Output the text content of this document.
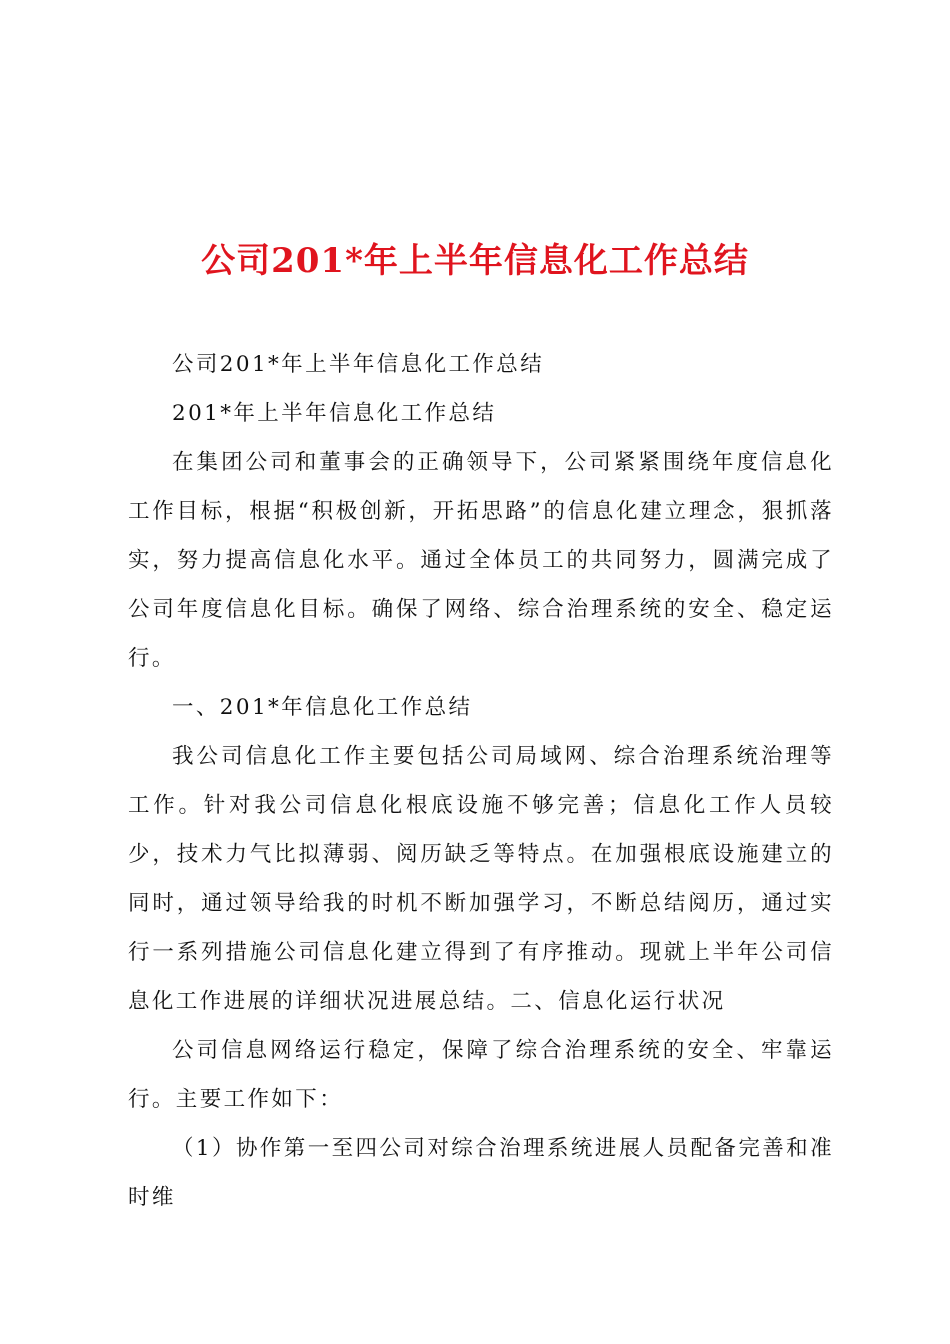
公司201*年上半年信息化工作总结

公司201*年上半年信息化工作总结

201*年上半年信息化工作总结

在集团公司和董事会的正确领导下，公司紧紧围绕年度信息化工作目标，根据“积极创新，开拓思路”的信息化建立理念，狠抓落实，努力提高信息化水平。通过全体员工的共同努力，圆满完成了公司年度信息化目标。确保了网络、综合治理系统的安全、稳定运行。

一、201*年信息化工作总结

我公司信息化工作主要包括公司局域网、综合治理系统治理等工作。针对我公司信息化根底设施不够完善；信息化工作人员较少，技术力气比拟薄弱、阅历缺乏等特点。在加强根底设施建立的同时，通过领导给我的时机不断加强学习，不断总结阅历，通过实行一系列措施公司信息化建立得到了有序推动。现就上半年公司信息化工作进展的详细状况进展总结。二、信息化运行状况

公司信息网络运行稳定，保障了综合治理系统的安全、牢靠运行。主要工作如下：

（1）协作第一至四公司对综合治理系统进展人员配备完善和准时维
